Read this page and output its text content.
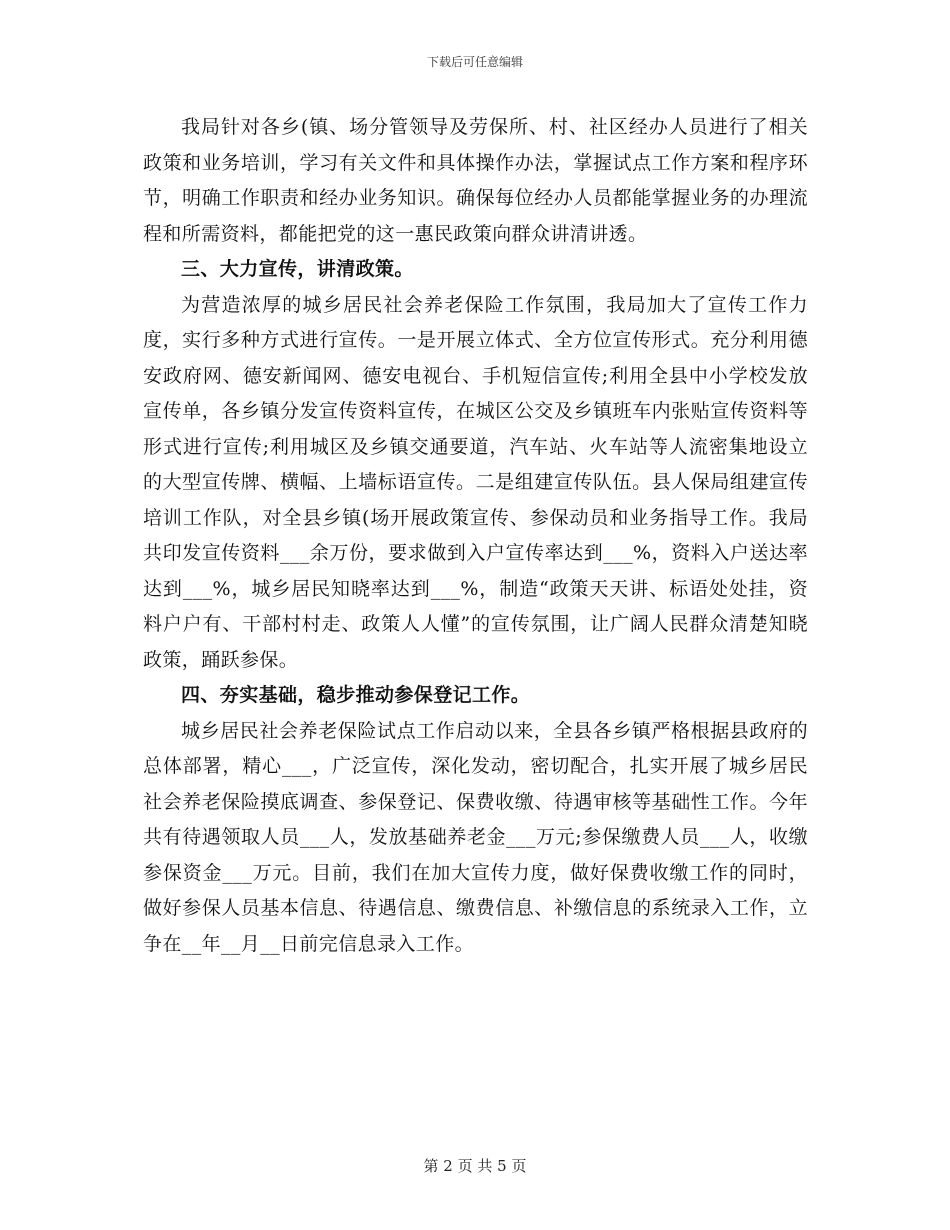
下载后可任意编辑

我局针对各乡(镇、场分管领导及劳保所、村、社区经办人员进行了相关政策和业务培训，学习有关文件和具体操作办法，掌握试点工作方案和程序环节，明确工作职责和经办业务知识。确保每位经办人员都能掌握业务的办理流程和所需资料，都能把党的这一惠民政策向群众讲清讲透。

三、大力宣传，讲清政策。

为营造浓厚的城乡居民社会养老保险工作氛围，我局加大了宣传工作力度，实行多种方式进行宣传。一是开展立体式、全方位宣传形式。充分利用德安政府网、德安新闻网、德安电视台、手机短信宣传;利用全县中小学校发放宣传单，各乡镇分发宣传资料宣传，在城区公交及乡镇班车内张贴宣传资料等形式进行宣传;利用城区及乡镇交通要道，汽车站、火车站等人流密集地设立的大型宣传牌、横幅、上墙标语宣传。二是组建宣传队伍。县人保局组建宣传培训工作队，对全县乡镇(场开展政策宣传、参保动员和业务指导工作。我局共印发宣传资料___余万份，要求做到入户宣传率达到___%，资料入户送达率达到___%，城乡居民知晓率达到___%，制造“政策天天讲、标语处处挂，资料户户有、干部村村走、政策人人懂”的宣传氛围，让广阔人民群众清楚知晓政策，踊跃参保。

四、夯实基础，稳步推动参保登记工作。

城乡居民社会养老保险试点工作启动以来，全县各乡镇严格根据县政府的总体部署，精心___，广泛宣传，深化发动，密切配合，扎实开展了城乡居民社会养老保险摸底调查、参保登记、保费收缴、待遇审核等基础性工作。今年共有待遇领取人员___人，发放基础养老金___万元;参保缴费人员___人，收缴参保资金___万元。目前，我们在加大宣传力度，做好保费收缴工作的同时，做好参保人员基本信息、待遇信息、缴费信息、补缴信息的系统录入工作，立争在__年__月__日前完信息录入工作。

第 2 页 共 5 页
